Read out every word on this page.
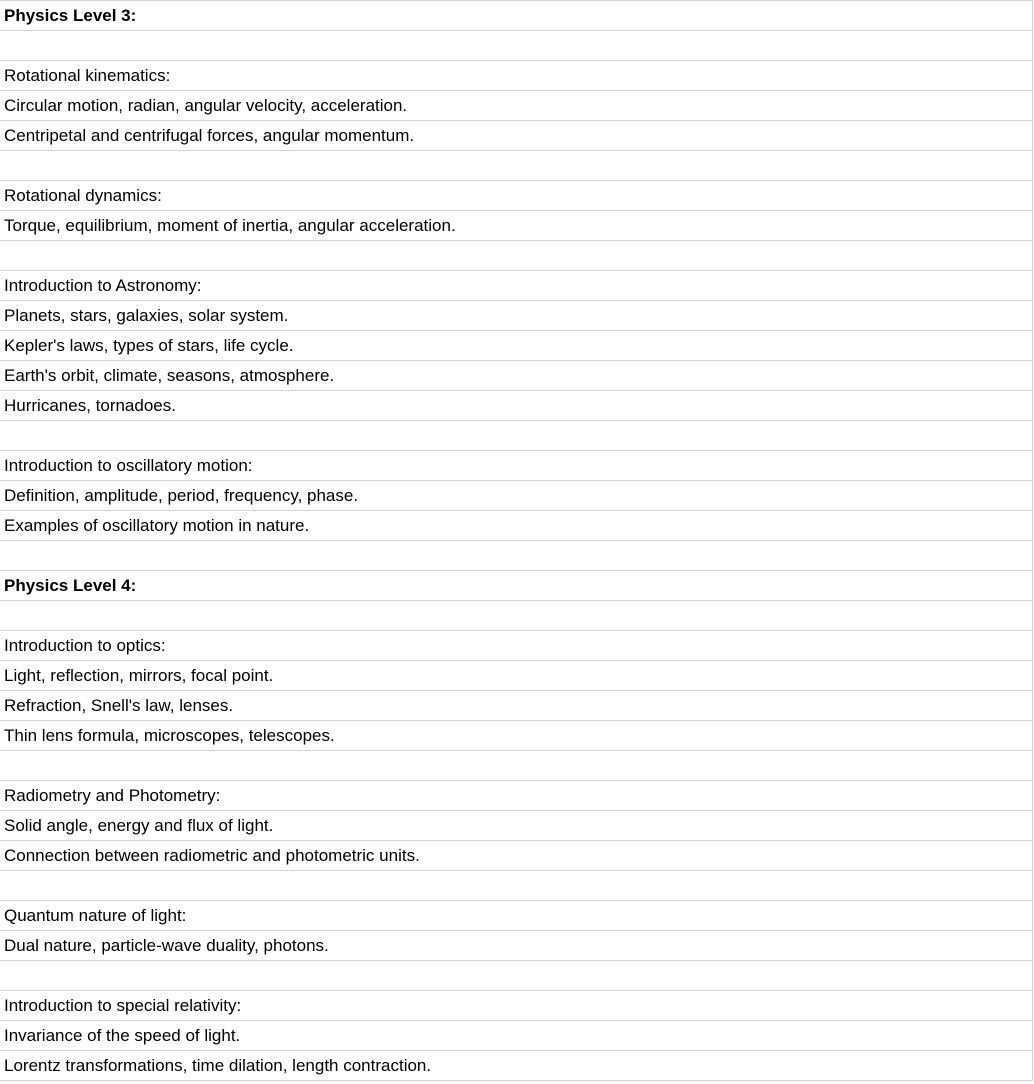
Physics Level 3:
Rotational kinematics:
Circular motion, radian, angular velocity, acceleration.
Centripetal and centrifugal forces, angular momentum.
Rotational dynamics:
Torque, equilibrium, moment of inertia, angular acceleration.
Introduction to Astronomy:
Planets, stars, galaxies, solar system.
Kepler's laws, types of stars, life cycle.
Earth's orbit, climate, seasons, atmosphere.
Hurricanes, tornadoes.
Introduction to oscillatory motion:
Definition, amplitude, period, frequency, phase.
Examples of oscillatory motion in nature.
Physics Level 4:
Introduction to optics:
Light, reflection, mirrors, focal point.
Refraction, Snell's law, lenses.
Thin lens formula, microscopes, telescopes.
Radiometry and Photometry:
Solid angle, energy and flux of light.
Connection between radiometric and photometric units.
Quantum nature of light:
Dual nature, particle-wave duality, photons.
Introduction to special relativity:
Invariance of the speed of light.
Lorentz transformations, time dilation, length contraction.
